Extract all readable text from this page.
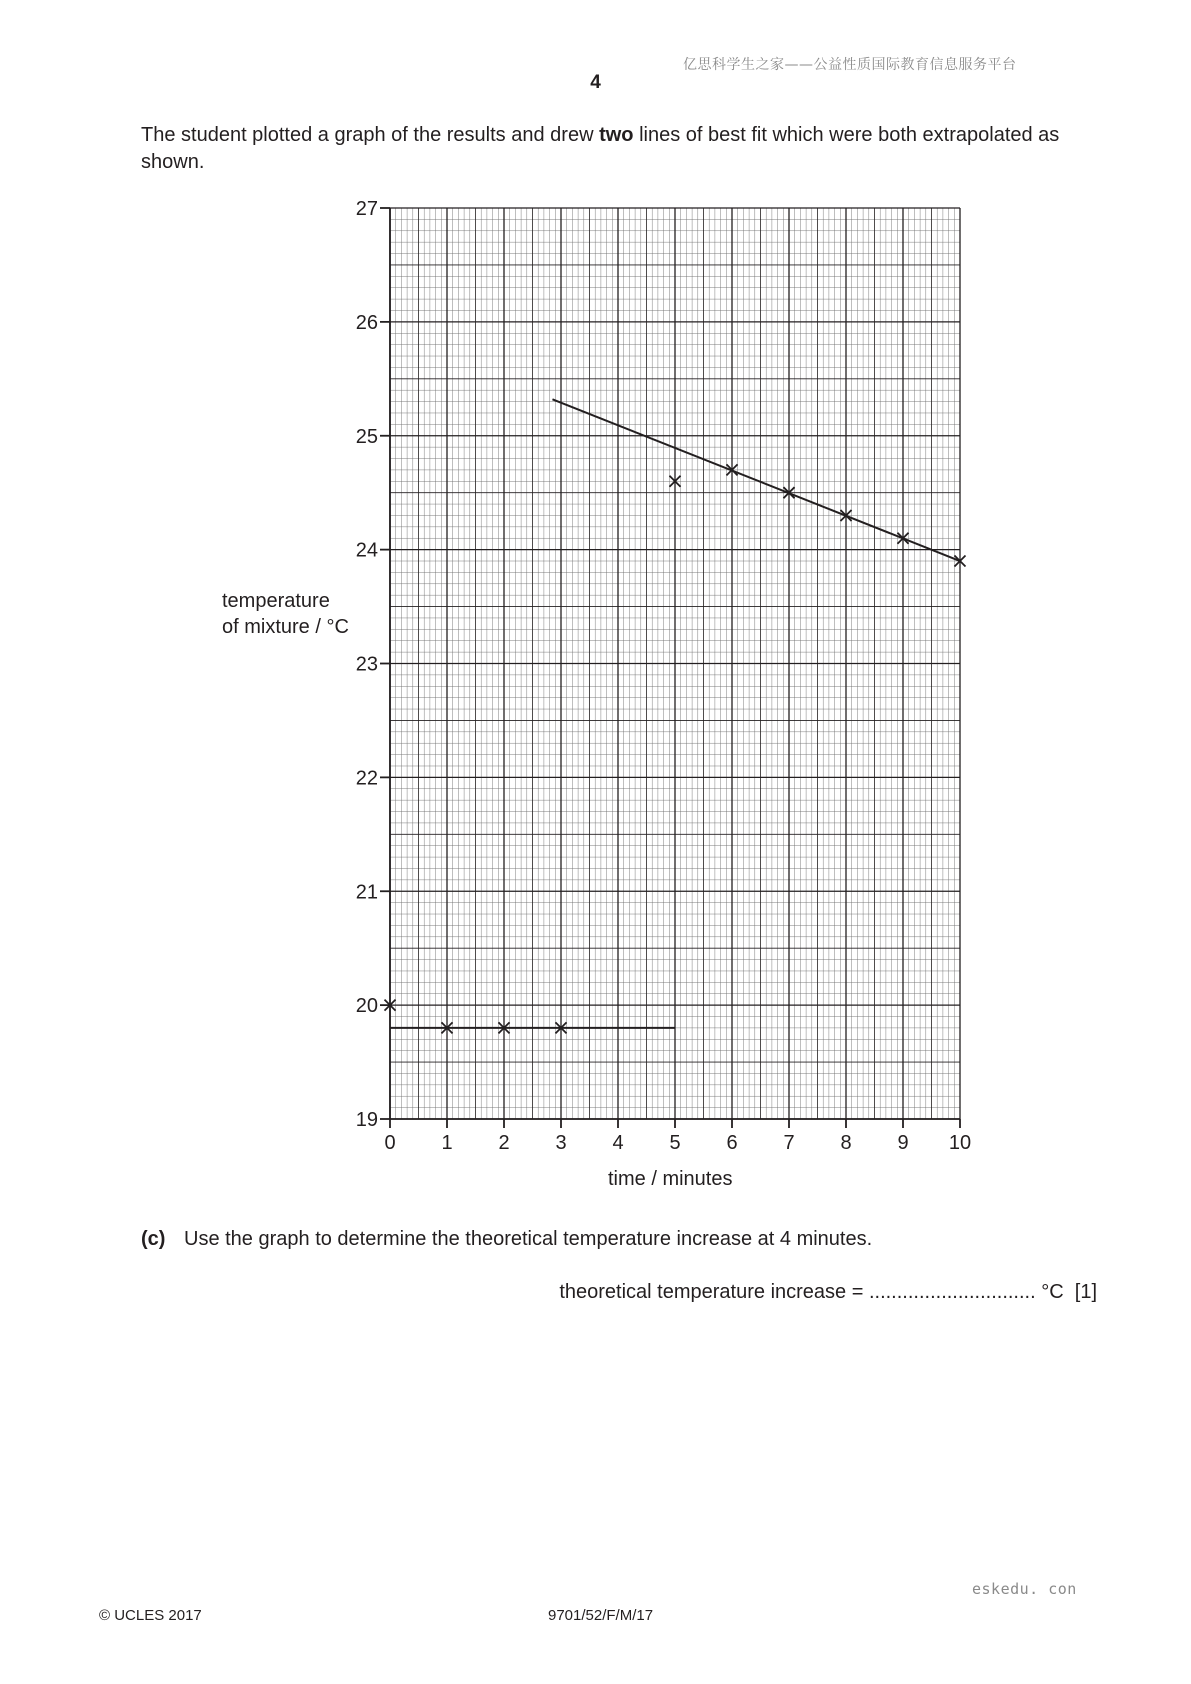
亿思科学生之家——公益性质国际教育信息服务平台
4
The student plotted a graph of the results and drew two lines of best fit which were both extrapolated as shown.
19
20
21
22
23
24
25
26
27
0 1 2 3 4 5 6 7 8 9 10
temperature
of mixture / °C
time / minutes
(c) Use the graph to determine the theoretical temperature increase at 4 minutes.
theoretical temperature increase = .............................. °C  [1]
© UCLES 2017	9701/52/F/M/17
eskedu. con
